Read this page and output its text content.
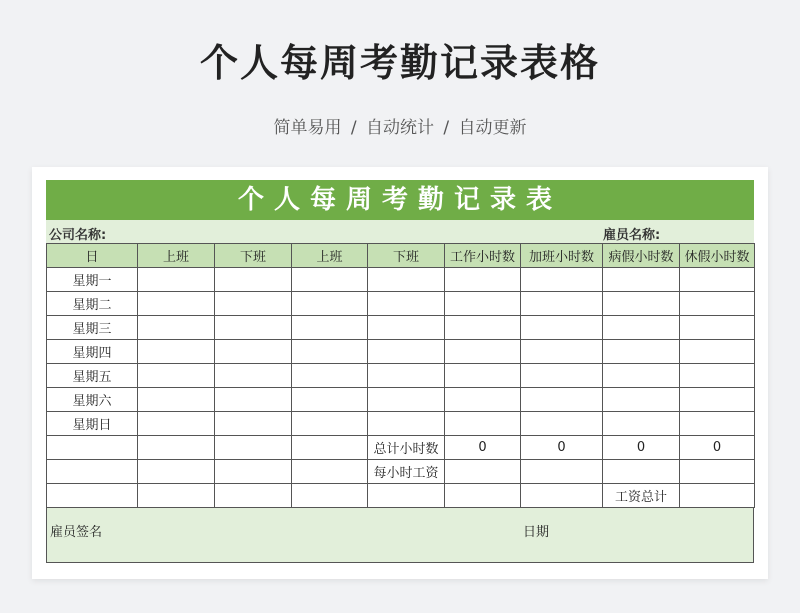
个人每周考勤记录表格
简单易用 / 自动统计 / 自动更新
个人每周考勤记录表
公司名称:	雇员名称:
日	上班	下班	上班	下班	工作小时数	加班小时数	病假小时数	休假小时数
星期一								
星期二								
星期三								
星期四								
星期五								
星期六								
星期日								
				总计小时数	0	0	0	0
				每小时工资				
							工资总计	
雇员签名	日期
